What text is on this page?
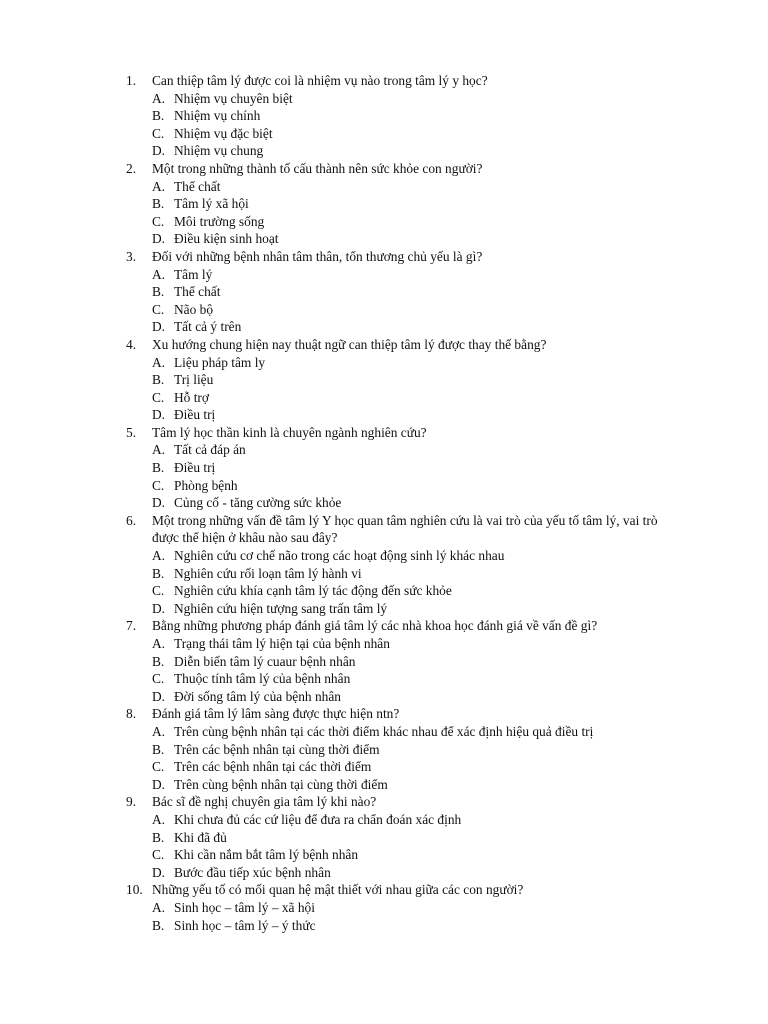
1.	Can thiệp tâm lý được coi là nhiệm vụ nào trong tâm lý y học?
A. Nhiệm vụ chuyên biệt
B. Nhiệm vụ chính
C. Nhiệm vụ đặc biệt
D. Nhiệm vụ chung
2.	Một trong những thành tố cấu thành nên sức khỏe con người?
A. Thể chất
B. Tâm lý xã hội
C. Môi trường sống
D. Điều kiện sinh hoạt
3.	Đối với những bệnh nhân tâm thân, tổn thương chủ yếu là gì?
A. Tâm lý
B. Thể chất
C. Não bộ
D. Tất cả ý trên
4.	Xu hướng chung hiện nay thuật ngữ can thiệp tâm lý được thay thế bằng?
A. Liệu pháp tâm ly
B. Trị liệu
C. Hỗ trợ
D. Điều trị
5.	Tâm lý học thần kinh là chuyên ngành nghiên cứu?
A. Tất cả đáp án
B. Điều trị
C. Phòng bệnh
D. Củng cố - tăng cường sức khỏe
6.	Một trong những vấn đề tâm lý Y học quan tâm nghiên cứu là vai trò của yếu tố tâm lý, vai trò được thể hiện ở khâu nào sau đây?
A. Nghiên cứu cơ chế não trong các hoạt động sinh lý khác nhau
B. Nghiên cứu rối loạn tâm lý hành vi
C. Nghiên cứu khía cạnh tâm lý tác động đến sức khỏe
D. Nghiên cứu hiện tượng sang trấn tâm lý
7.	Bằng những phương pháp đánh giá tâm lý các nhà khoa học đánh giá về vấn đề gì?
A. Trạng thái tâm lý hiện tại của bệnh nhân
B. Diễn biến tâm lý cuaur bệnh nhân
C. Thuộc tính tâm lý của bệnh nhân
D. Đời sống tâm lý của bệnh nhân
8.	Đánh giá tâm lý lâm sàng được thực hiện ntn?
A. Trên cùng bệnh nhân tại các thời điểm khác nhau để xác định hiệu quả điều trị
B. Trên các bệnh nhân tại cùng thời điểm
C. Trên các bệnh nhân tại các thời điểm
D. Trên cùng bệnh nhân tại cùng thời điểm
9.	Bác sĩ đề nghị chuyên gia tâm lý khi nào?
A. Khi chưa đủ các cứ liệu để đưa ra chẩn đoán xác định
B. Khi đã đủ
C. Khi cần nắm bắt tâm lý bệnh nhân
D. Bước đầu tiếp xúc bệnh nhân
10. Những yếu tố có mối quan hệ mật thiết với nhau giữa các con người?
A. Sinh học – tâm lý – xã hội
B. Sinh học – tâm lý – ý thức
